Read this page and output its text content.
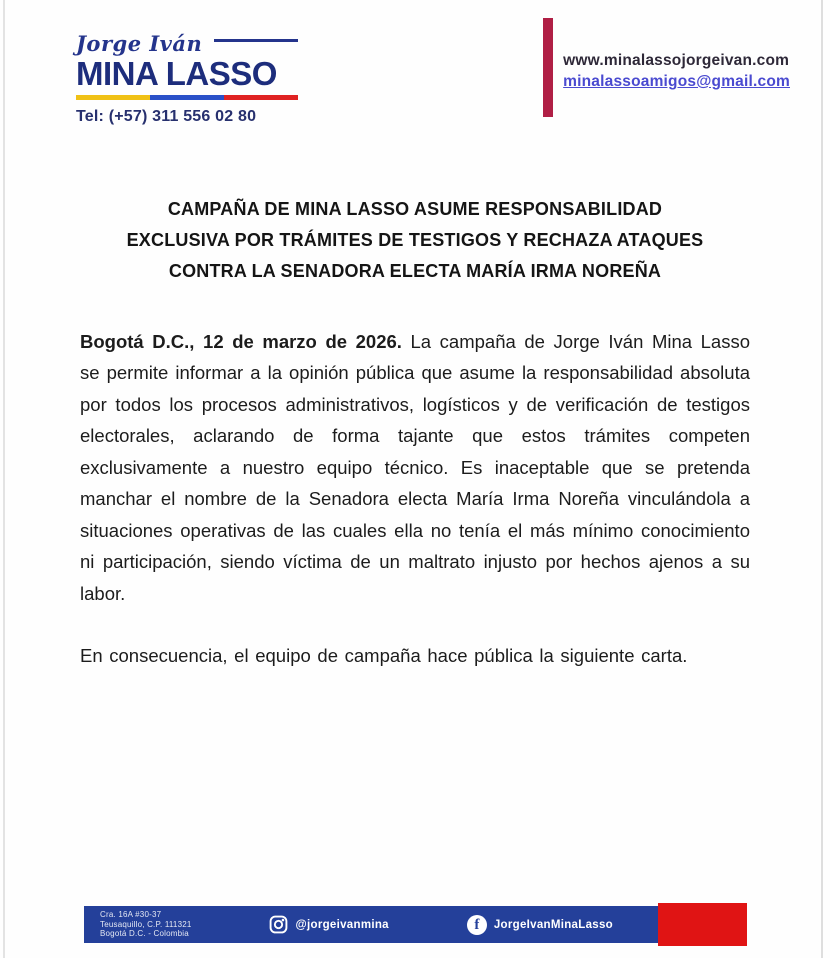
Jorge Iván
MINA LASSO
Tel: (+57) 311 556 02 80
www.minalassojorgeivan.com
minalassoamigos@gmail.com
CAMPAÑA DE MINA LASSO ASUME RESPONSABILIDAD
EXCLUSIVA POR TRÁMITES DE TESTIGOS Y RECHAZA ATAQUES
CONTRA LA SENADORA ELECTA MARÍA IRMA NOREÑA

Bogotá D.C., 12 de marzo de 2026. La campaña de Jorge Iván Mina Lasso se permite informar a la opinión pública que asume la responsabilidad absoluta por todos los procesos administrativos, logísticos y de verificación de testigos electorales, aclarando de forma tajante que estos trámites competen exclusivamente a nuestro equipo técnico. Es inaceptable que se pretenda manchar el nombre de la Senadora electa María Irma Noreña vinculándola a situaciones operativas de las cuales ella no tenía el más mínimo conocimiento ni participación, siendo víctima de un maltrato injusto por hechos ajenos a su labor.

En consecuencia, el equipo de campaña hace pública la siguiente carta.

Cra. 16A #30-37
Teusaquillo, C.P. 111321
Bogotá D.C. - Colombia
@jorgeivanmina	f JorgeIvanMinaLasso
